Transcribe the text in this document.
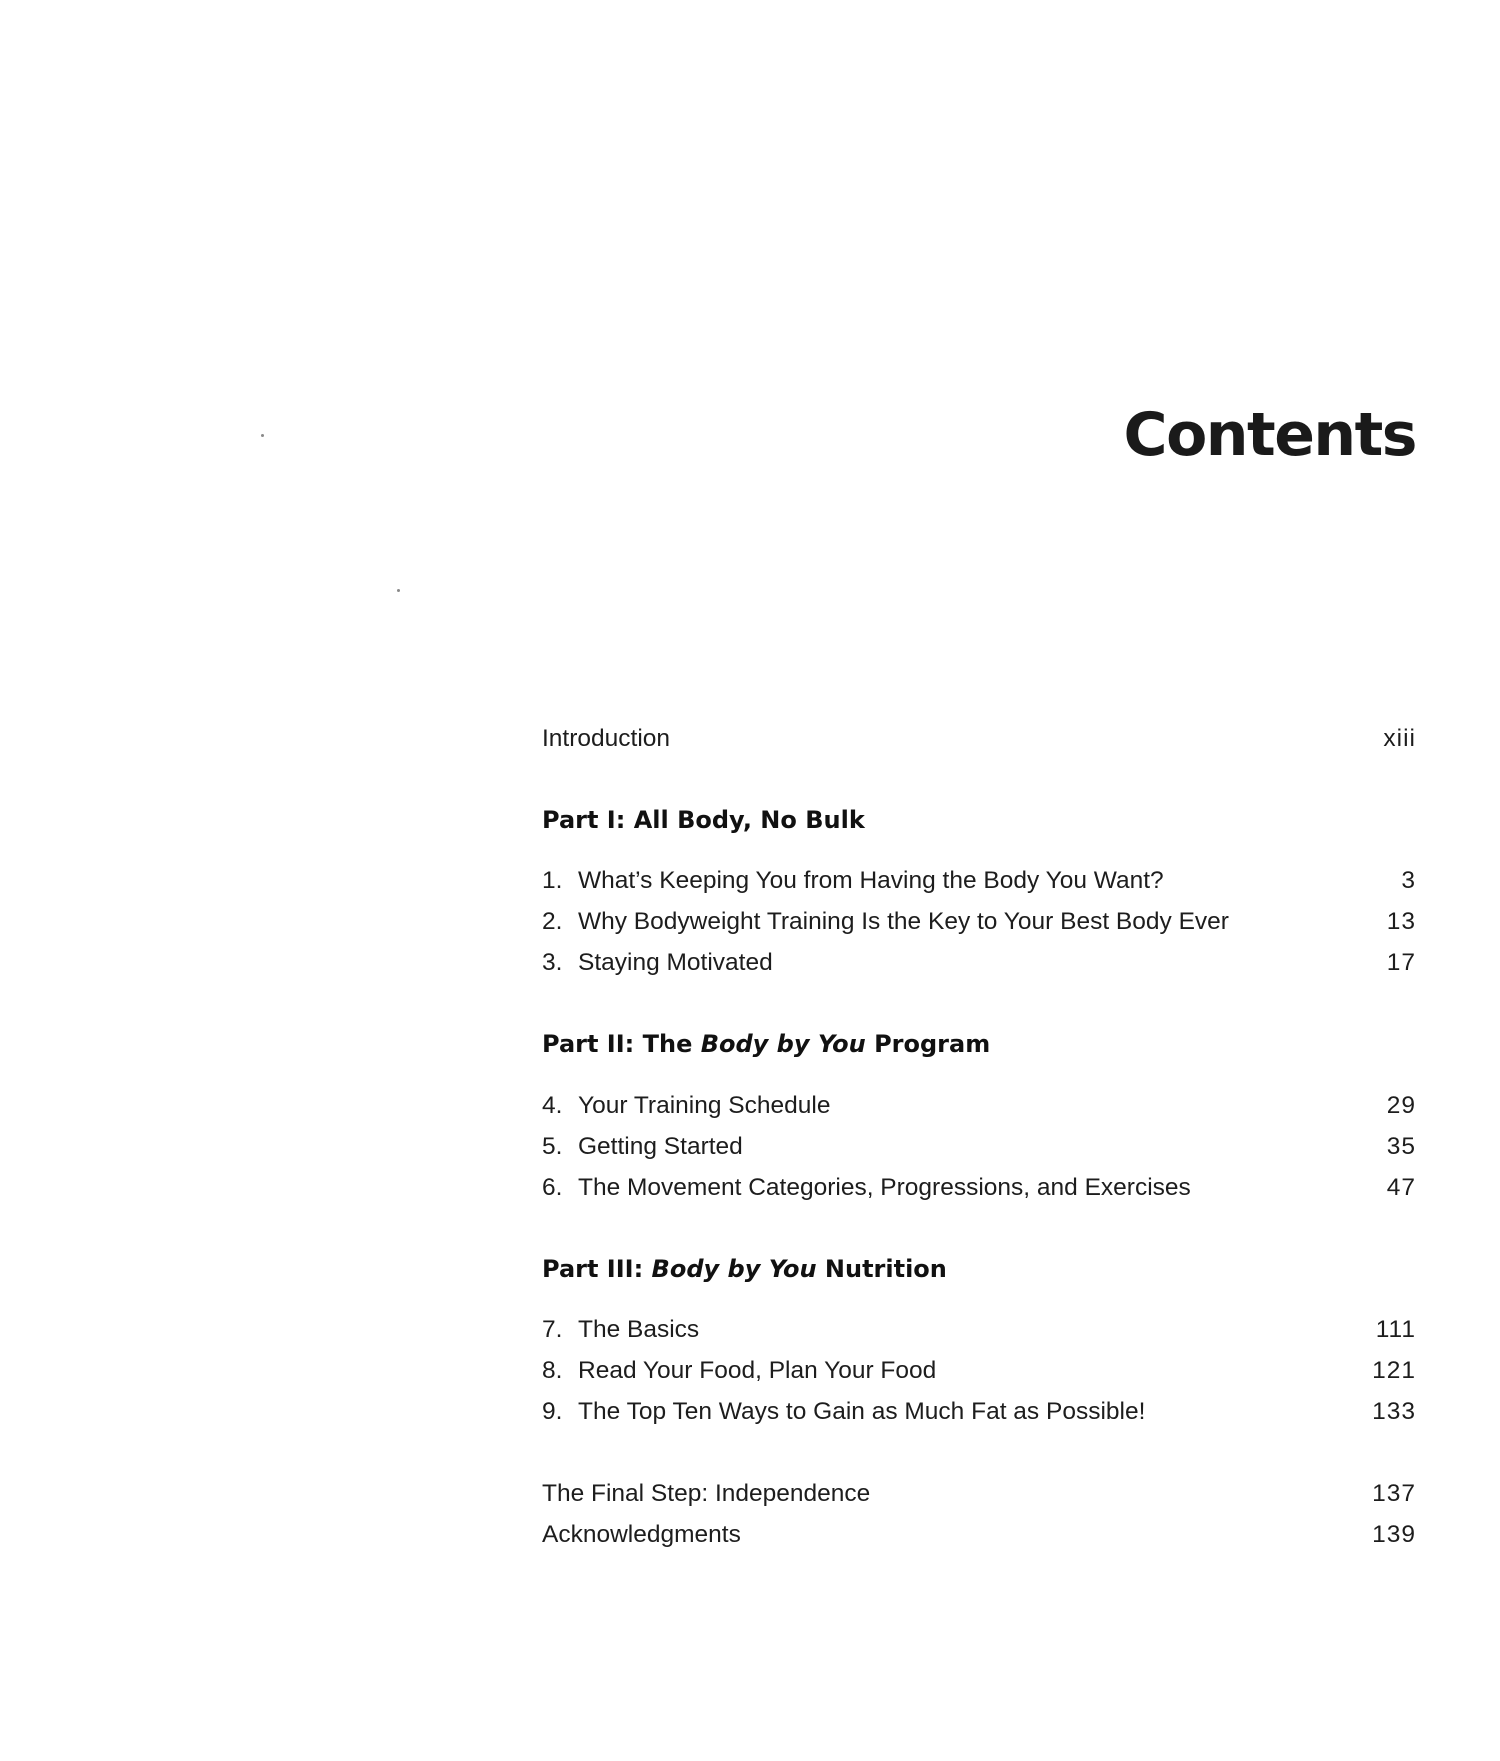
Contents
Introduction	xiii
Part I: All Body, No Bulk
1. What’s Keeping You from Having the Body You Want?	3
2. Why Bodyweight Training Is the Key to Your Best Body Ever	13
3. Staying Motivated	17
Part II: The Body by You Program
4. Your Training Schedule	29
5. Getting Started	35
6. The Movement Categories, Progressions, and Exercises	47
Part III: Body by You Nutrition
7. The Basics	111
8. Read Your Food, Plan Your Food	121
9. The Top Ten Ways to Gain as Much Fat as Possible!	133
The Final Step: Independence	137
Acknowledgments	139
